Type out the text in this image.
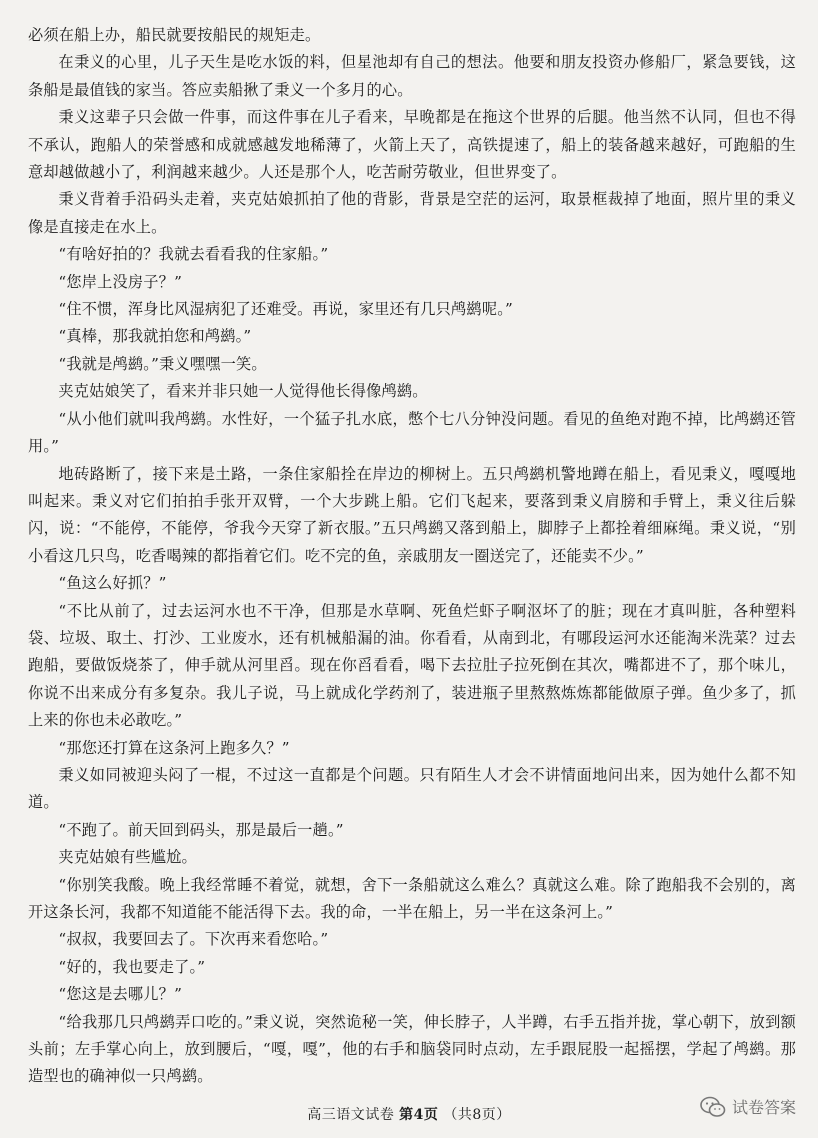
必须在船上办，船民就要按船民的规矩走。

在秉义的心里，儿子天生是吃水饭的料，但星池却有自己的想法。他要和朋友投资办修船厂，紧急要钱，这条船是最值钱的家当。答应卖船揪了秉义一个多月的心。

秉义这辈子只会做一件事，而这件事在儿子看来，早晚都是在拖这个世界的后腿。他当然不认同，但也不得不承认，跑船人的荣誉感和成就感越发地稀薄了，火箭上天了，高铁提速了，船上的装备越来越好，可跑船的生意却越做越小了，利润越来越少。人还是那个人，吃苦耐劳敬业，但世界变了。

秉义背着手沿码头走着，夹克姑娘抓拍了他的背影，背景是空茫的运河，取景框裁掉了地面，照片里的秉义像是直接走在水上。

“有啥好拍的？我就去看看我的住家船。”

“您岸上没房子？”

“住不惯，浑身比风湿病犯了还难受。再说，家里还有几只鸬鹚呢。”

“真棒，那我就拍您和鸬鹚。”

“我就是鸬鹚。”秉义嘿嘿一笑。

夹克姑娘笑了，看来并非只她一人觉得他长得像鸬鹚。

“从小他们就叫我鸬鹚。水性好，一个猛子扎水底，憋个七八分钟没问题。看见的鱼绝对跑不掉，比鸬鹚还管用。”

地砖路断了，接下来是土路，一条住家船拴在岸边的柳树上。五只鸬鹚机警地蹲在船上，看见秉义，嘎嘎地叫起来。秉义对它们拍拍手张开双臂，一个大步跳上船。它们飞起来，要落到秉义肩膀和手臂上，秉义往后躲闪，说：“不能停，不能停，爷我今天穿了新衣服。”五只鸬鹚又落到船上，脚脖子上都拴着细麻绳。秉义说，“别小看这几只鸟，吃香喝辣的都指着它们。吃不完的鱼，亲戚朋友一圈送完了，还能卖不少。”

“鱼这么好抓？”

“不比从前了，过去运河水也不干净，但那是水草啊、死鱼烂虾子啊沤坏了的脏；现在才真叫脏，各种塑料袋、垃圾、取土、打沙、工业废水，还有机械船漏的油。你看看，从南到北，有哪段运河水还能淘米洗菜？过去跑船，要做饭烧茶了，伸手就从河里舀。现在你舀看看，喝下去拉肚子拉死倒在其次，嘴都进不了，那个味儿，你说不出来成分有多复杂。我儿子说，马上就成化学药剂了，装进瓶子里熬熬炼炼都能做原子弹。鱼少多了，抓上来的你也未必敢吃。”

“那您还打算在这条河上跑多久？”

秉义如同被迎头闷了一棍，不过这一直都是个问题。只有陌生人才会不讲情面地问出来，因为她什么都不知道。

“不跑了。前天回到码头，那是最后一趟。”

夹克姑娘有些尴尬。

“你别笑我酸。晚上我经常睡不着觉，就想，舍下一条船就这么难么？真就这么难。除了跑船我不会别的，离开这条长河，我都不知道能不能活得下去。我的命，一半在船上，另一半在这条河上。”

“叔叔，我要回去了。下次再来看您哈。”

“好的，我也要走了。”

“您这是去哪儿？”

“给我那几只鸬鹚弄口吃的。”秉义说，突然诡秘一笑，伸长脖子，人半蹲，右手五指并拢，掌心朝下，放到额头前；左手掌心向上，放到腰后，“嘎，嘎”，他的右手和脑袋同时点动，左手跟屁股一起摇摆，学起了鸬鹚。那造型也的确神似一只鸬鹚。

高三语文试卷 第4页 （共8页）	试卷答案
